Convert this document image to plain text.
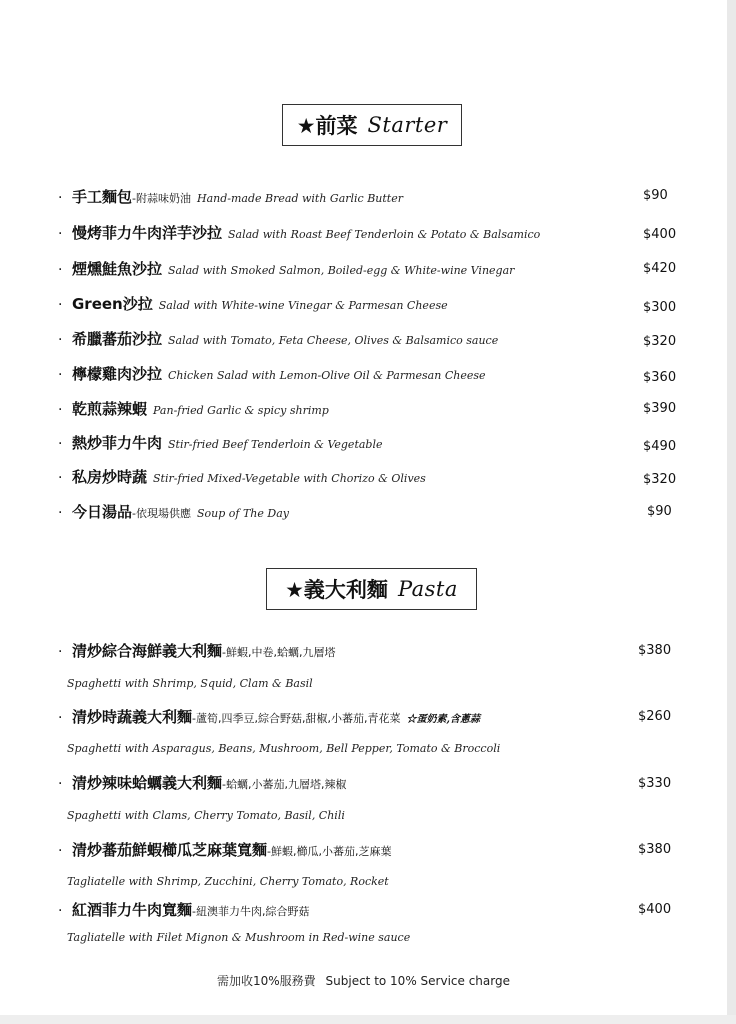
★前菜 Starter
· 手工麵包 -附蒜味奶油 Hand-made Bread with Garlic Butter	$90
· 慢烤菲力牛肉洋芋沙拉 Salad with Roast Beef Tenderloin & Potato & Balsamico	$400
· 煙燻鮭魚沙拉 Salad with Smoked Salmon, Boiled-egg & White-wine Vinegar	$420
· Green沙拉 Salad with White-wine Vinegar & Parmesan Cheese	$300
· 希臘蕃茄沙拉 Salad with Tomato, Feta Cheese, Olives & Balsamico sauce	$320
· 檸檬雞肉沙拉 Chicken Salad with Lemon-Olive Oil & Parmesan Cheese	$360
· 乾煎蒜辣蝦 Pan-fried Garlic & spicy shrimp	$390
· 熱炒菲力牛肉 Stir-fried Beef Tenderloin & Vegetable	$490
· 私房炒時蔬 Stir-fried Mixed-Vegetable with Chorizo & Olives	$320
· 今日湯品 -依現場供應 Soup of The Day	$90
★義大利麵 Pasta
· 清炒綜合海鮮義大利麵 -鮮蝦,中卷,蛤蠣,九層塔	$380
Spaghetti with Shrimp, Squid, Clam & Basil
· 清炒時蔬義大利麵 -蘆筍,四季豆,綜合野菇,甜椒,小蕃茄,青花菜 ☆蛋奶素,含蔥蒜	$260
Spaghetti with Asparagus, Beans, Mushroom, Bell Pepper, Tomato & Broccoli
· 清炒辣味蛤蠣義大利麵 -蛤蠣,小蕃茄,九層塔,辣椒	$330
Spaghetti with Clams, Cherry Tomato, Basil, Chili
· 清炒蕃茄鮮蝦櫛瓜芝麻葉寬麵 -鮮蝦,櫛瓜,小蕃茄,芝麻葉	$380
Tagliatelle with Shrimp, Zucchini, Cherry Tomato, Rocket
· 紅酒菲力牛肉寬麵 -紐澳菲力牛肉,綜合野菇	$400
Tagliatelle with Filet Mignon & Mushroom in Red-wine sauce
需加收10%服務費 Subject to 10% Service charge
